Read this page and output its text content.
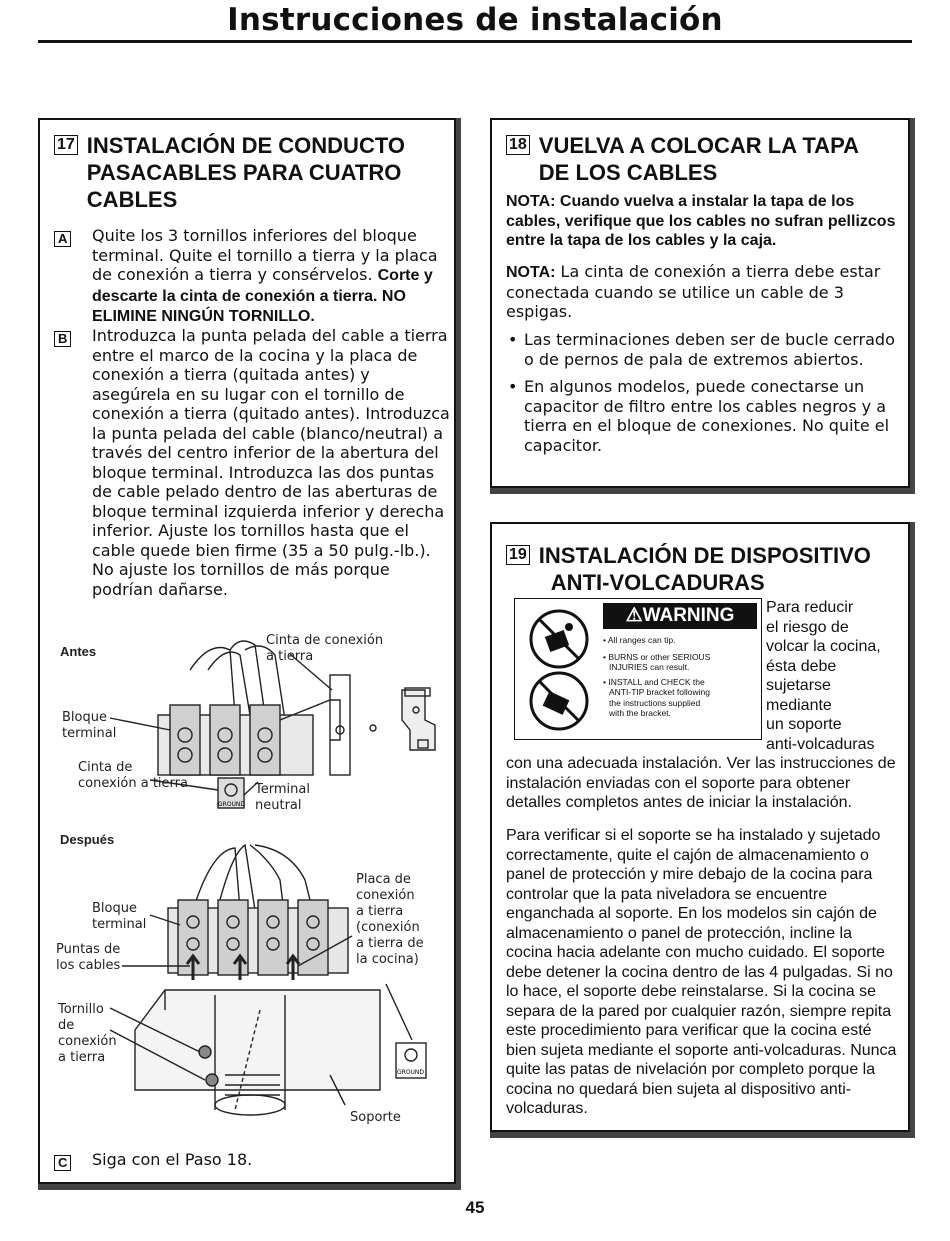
Instrucciones de instalación
17 INSTALACIÓN DE CONDUCTO
PASACABLES PARA CUATRO
CABLES
A Quite los 3 tornillos inferiores del bloque terminal. Quite el tornillo a tierra y la placa de conexión a tierra y consérvelos. Corte y descarte la cinta de conexión a tierra. NO ELIMINE NINGÚN TORNILLO.
B Introduzca la punta pelada del cable a tierra entre el marco de la cocina y la placa de conexión a tierra (quitada antes) y asegúrela en su lugar con el tornillo de conexión a tierra (quitado antes). Introduzca la punta pelada del cable (blanco/neutral) a través del centro inferior de la abertura del bloque terminal. Introduzca las dos puntas de cable pelado dentro de las aberturas de bloque terminal izquierda inferior y derecha inferior. Ajuste los tornillos hasta que el cable quede bien firme (35 a 50 pulg.-lb.). No ajuste los tornillos de más porque podrían dañarse.
Antes
Cinta de conexión
a tierra
Bloque
terminal
Cinta de
conexión a tierra	Terminal
neutral
GROUND
Después
Bloque
terminal
Puntas de
los cables
Tornillo
de
conexión
a tierra
Placa de
conexión
a tierra
(conexión
a tierra de
la cocina)
Soporte
GROUND
C Siga con el Paso 18.
18 VUELVA A COLOCAR LA TAPA
DE LOS CABLES
NOTA: Cuando vuelva a instalar la tapa de los cables, verifique que los cables no sufran pellizcos entre la tapa de los cables y la caja.
NOTA: La cinta de conexión a tierra debe estar conectada cuando se utilice un cable de 3 espigas.
• Las terminaciones deben ser de bucle cerrado o de pernos de pala de extremos abiertos.
• En algunos modelos, puede conectarse un capacitor de filtro entre los cables negros y a tierra en el bloque de conexiones. No quite el capacitor.
19 INSTALACIÓN DE DISPOSITIVO
ANTI-VOLCADURAS
⚠WARNING
• All ranges can tip.
• BURNS or other SERIOUS
INJURIES can result.
• INSTALL and CHECK the
ANTI-TIP bracket following
the instructions supplied
with the bracket.
Para reducir
el riesgo de
volcar la cocina,
ésta debe
sujetarse
mediante
un soporte
anti-volcaduras
con una adecuada instalación. Ver las instrucciones de instalación enviadas con el soporte para obtener detalles completos antes de iniciar la instalación.
Para verificar si el soporte se ha instalado y sujetado correctamente, quite el cajón de almacenamiento o panel de protección y mire debajo de la cocina para controlar que la pata niveladora se encuentre enganchada al soporte. En los modelos sin cajón de almacenamiento o panel de protección, incline la cocina hacia adelante con mucho cuidado. El soporte debe detener la cocina dentro de las 4 pulgadas. Si no lo hace, el soporte debe reinstalarse. Si la cocina se separa de la pared por cualquier razón, siempre repita este procedimiento para verificar que la cocina esté bien sujeta mediante el soporte anti-volcaduras. Nunca quite las patas de nivelación por completo porque la cocina no quedará bien sujeta al dispositivo anti-volcaduras.
45
